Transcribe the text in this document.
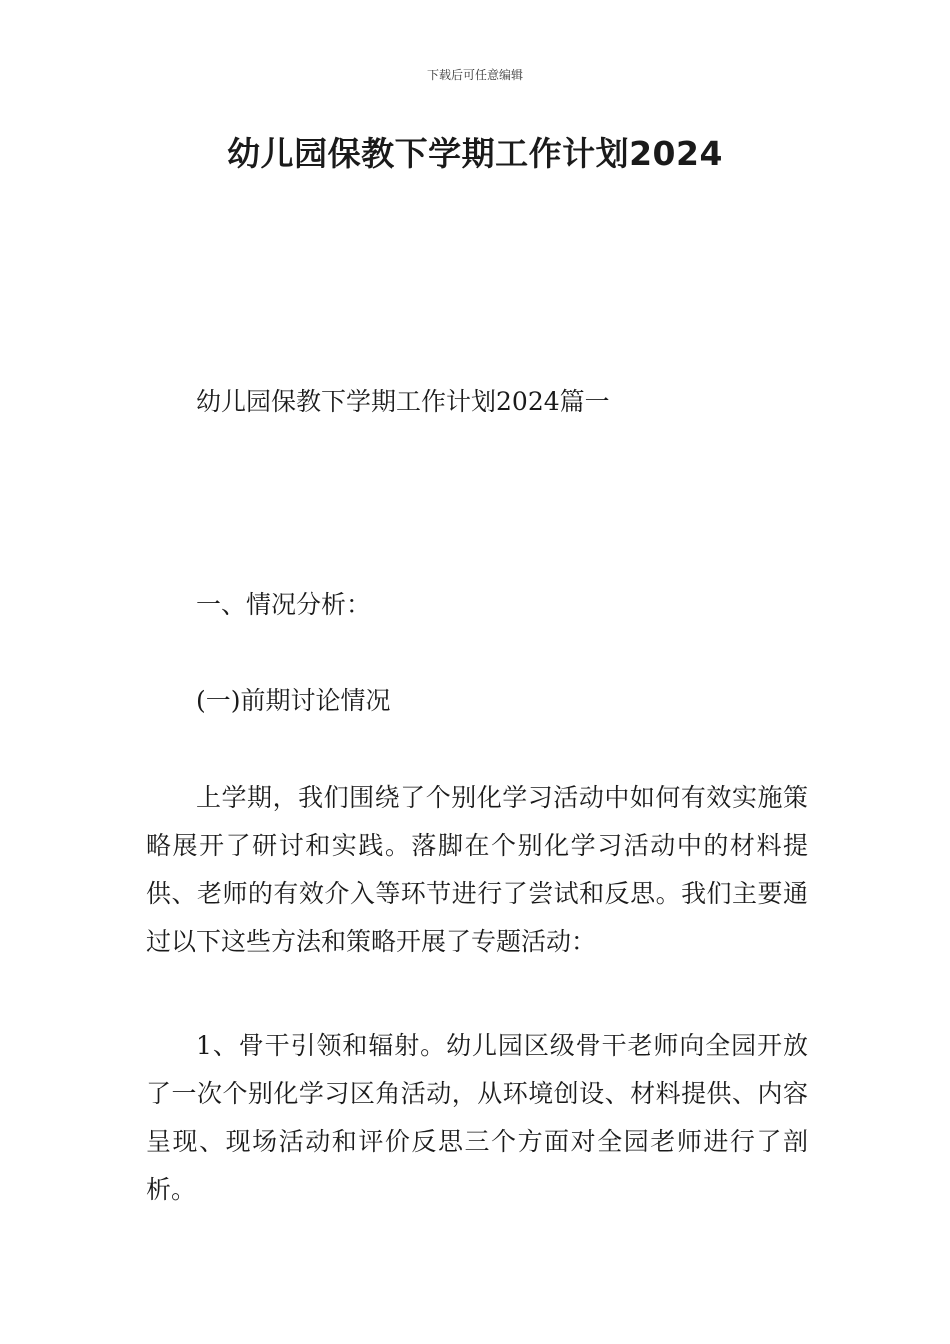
下载后可任意编辑
幼儿园保教下学期工作计划2024

幼儿园保教下学期工作计划2024篇一

一、情况分析：

(一)前期讨论情况

上学期，我们围绕了个别化学习活动中如何有效实施策略展开了研讨和实践。落脚在个别化学习活动中的材料提供、老师的有效介入等环节进行了尝试和反思。我们主要通过以下这些方法和策略开展了专题活动：

1、骨干引领和辐射。幼儿园区级骨干老师向全园开放了一次个别化学习区角活动，从环境创设、材料提供、内容呈现、现场活动和评价反思三个方面对全园老师进行了剖析。
